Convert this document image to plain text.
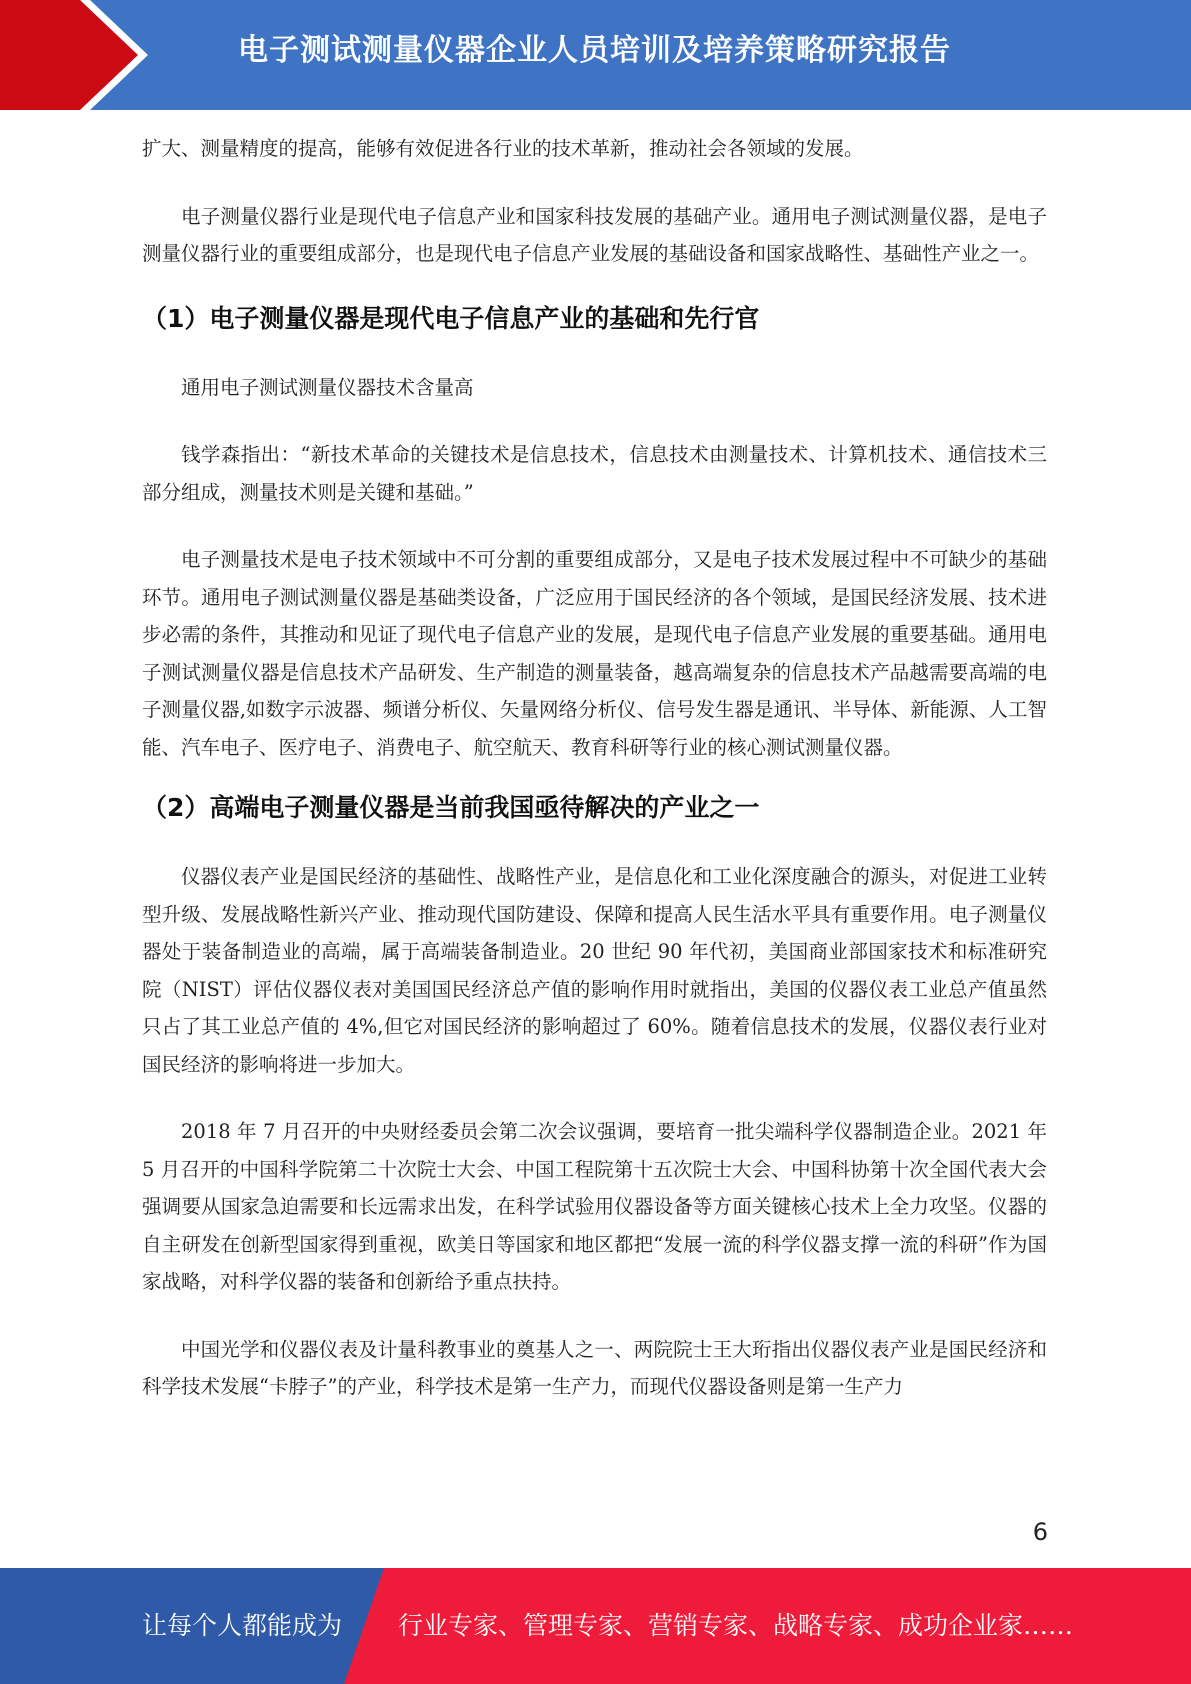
电子测试测量仪器企业人员培训及培养策略研究报告

扩大、测量精度的提高，能够有效促进各行业的技术革新，推动社会各领域的发展。

电子测量仪器行业是现代电子信息产业和国家科技发展的基础产业。通用电子测试测量仪器，是电子测量仪器行业的重要组成部分，也是现代电子信息产业发展的基础设备和国家战略性、基础性产业之一。

（1）电子测量仪器是现代电子信息产业的基础和先行官

通用电子测试测量仪器技术含量高

钱学森指出：“新技术革命的关键技术是信息技术，信息技术由测量技术、计算机技术、通信技术三部分组成，测量技术则是关键和基础。”

电子测量技术是电子技术领域中不可分割的重要组成部分，又是电子技术发展过程中不可缺少的基础环节。通用电子测试测量仪器是基础类设备，广泛应用于国民经济的各个领域，是国民经济发展、技术进步必需的条件，其推动和见证了现代电子信息产业的发展，是现代电子信息产业发展的重要基础。通用电子测试测量仪器是信息技术产品研发、生产制造的测量装备，越高端复杂的信息技术产品越需要高端的电子测量仪器,如数字示波器、频谱分析仪、矢量网络分析仪、信号发生器是通讯、半导体、新能源、人工智能、汽车电子、医疗电子、消费电子、航空航天、教育科研等行业的核心测试测量仪器。

（2）高端电子测量仪器是当前我国亟待解决的产业之一

仪器仪表产业是国民经济的基础性、战略性产业，是信息化和工业化深度融合的源头，对促进工业转型升级、发展战略性新兴产业、推动现代国防建设、保障和提高人民生活水平具有重要作用。电子测量仪器处于装备制造业的高端，属于高端装备制造业。20 世纪 90 年代初，美国商业部国家技术和标准研究院（NIST）评估仪器仪表对美国国民经济总产值的影响作用时就指出，美国的仪器仪表工业总产值虽然只占了其工业总产值的 4%,但它对国民经济的影响超过了 60%。随着信息技术的发展，仪器仪表行业对国民经济的影响将进一步加大。

2018 年 7 月召开的中央财经委员会第二次会议强调，要培育一批尖端科学仪器制造企业。2021 年 5 月召开的中国科学院第二十次院士大会、中国工程院第十五次院士大会、中国科协第十次全国代表大会强调要从国家急迫需要和长远需求出发，在科学试验用仪器设备等方面关键核心技术上全力攻坚。仪器的自主研发在创新型国家得到重视，欧美日等国家和地区都把“发展一流的科学仪器支撑一流的科研”作为国家战略，对科学仪器的装备和创新给予重点扶持。

中国光学和仪器仪表及计量科教事业的奠基人之一、两院院士王大珩指出仪器仪表产业是国民经济和科学技术发展“卡脖子”的产业，科学技术是第一生产力，而现代仪器设备则是第一生产力

6
让每个人都能成为 行业专家、管理专家、营销专家、战略专家、成功企业家……
